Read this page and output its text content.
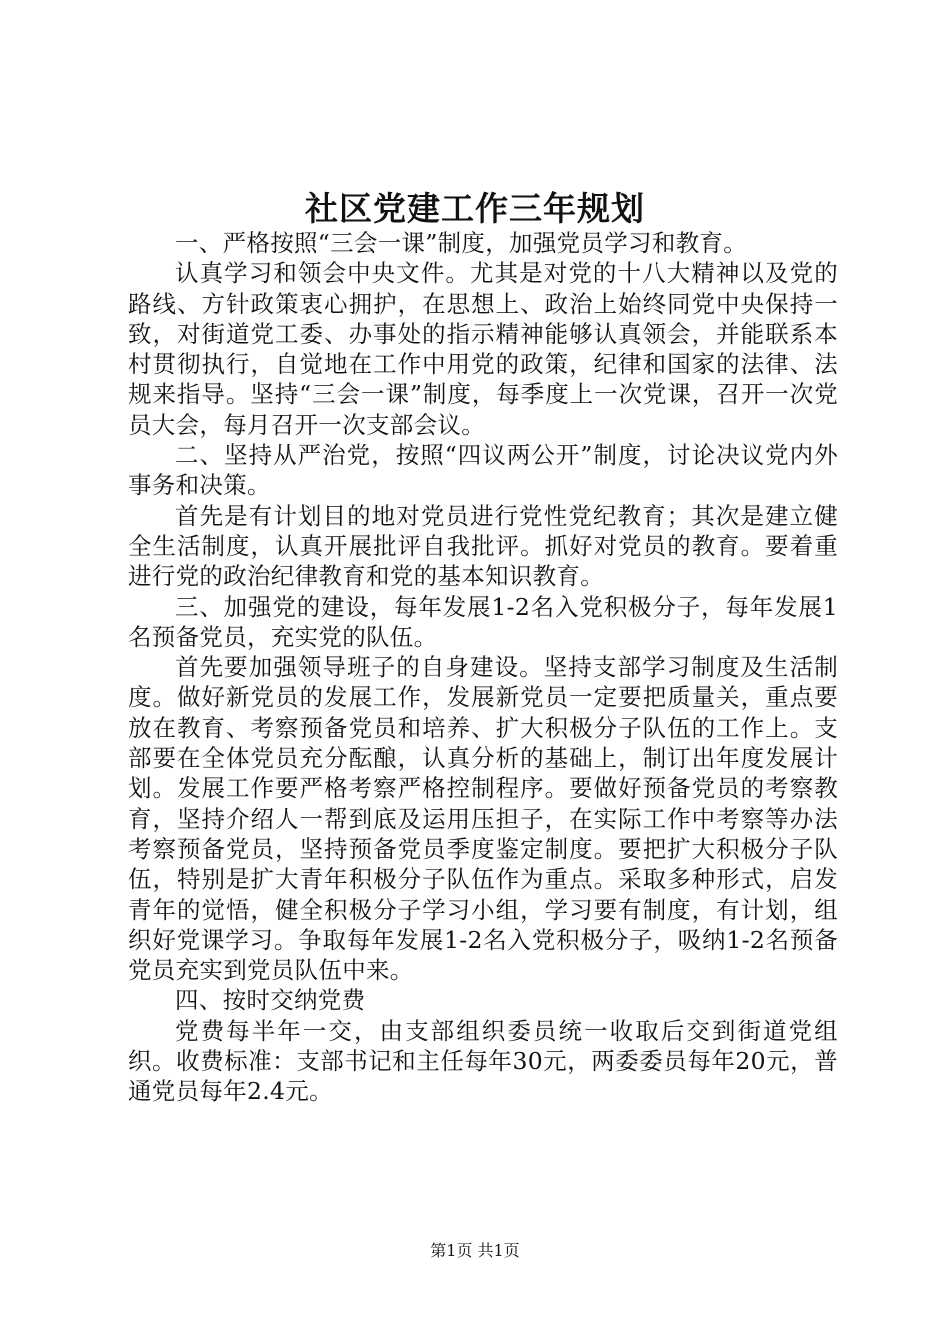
社区党建工作三年规划

一、严格按照“三会一课”制度，加强党员学习和教育。

认真学习和领会中央文件。尤其是对党的十八大精神以及党的路线、方针政策衷心拥护，在思想上、政治上始终同党中央保持一致，对街道党工委、办事处的指示精神能够认真领会，并能联系本村贯彻执行，自觉地在工作中用党的政策，纪律和国家的法律、法规来指导。坚持“三会一课”制度，每季度上一次党课，召开一次党员大会，每月召开一次支部会议。

二、坚持从严治党，按照“四议两公开”制度，讨论决议党内外事务和决策。

首先是有计划目的地对党员进行党性党纪教育；其次是建立健全生活制度，认真开展批评自我批评。抓好对党员的教育。要着重进行党的政治纪律教育和党的基本知识教育。

三、加强党的建设，每年发展1-2名入党积极分子，每年发展1名预备党员，充实党的队伍。

首先要加强领导班子的自身建设。坚持支部学习制度及生活制度。做好新党员的发展工作，发展新党员一定要把质量关，重点要放在教育、考察预备党员和培养、扩大积极分子队伍的工作上。支部要在全体党员充分酝酿，认真分析的基础上，制订出年度发展计划。发展工作要严格考察严格控制程序。要做好预备党员的考察教育，坚持介绍人一帮到底及运用压担子，在实际工作中考察等办法考察预备党员，坚持预备党员季度鉴定制度。要把扩大积极分子队伍，特别是扩大青年积极分子队伍作为重点。采取多种形式，启发青年的觉悟，健全积极分子学习小组，学习要有制度，有计划，组织好党课学习。争取每年发展1-2名入党积极分子，吸纳1-2名预备党员充实到党员队伍中来。

四、按时交纳党费

党费每半年一交，由支部组织委员统一收取后交到街道党组织。收费标准：支部书记和主任每年30元，两委委员每年20元，普通党员每年2.4元。

第1页 共1页
